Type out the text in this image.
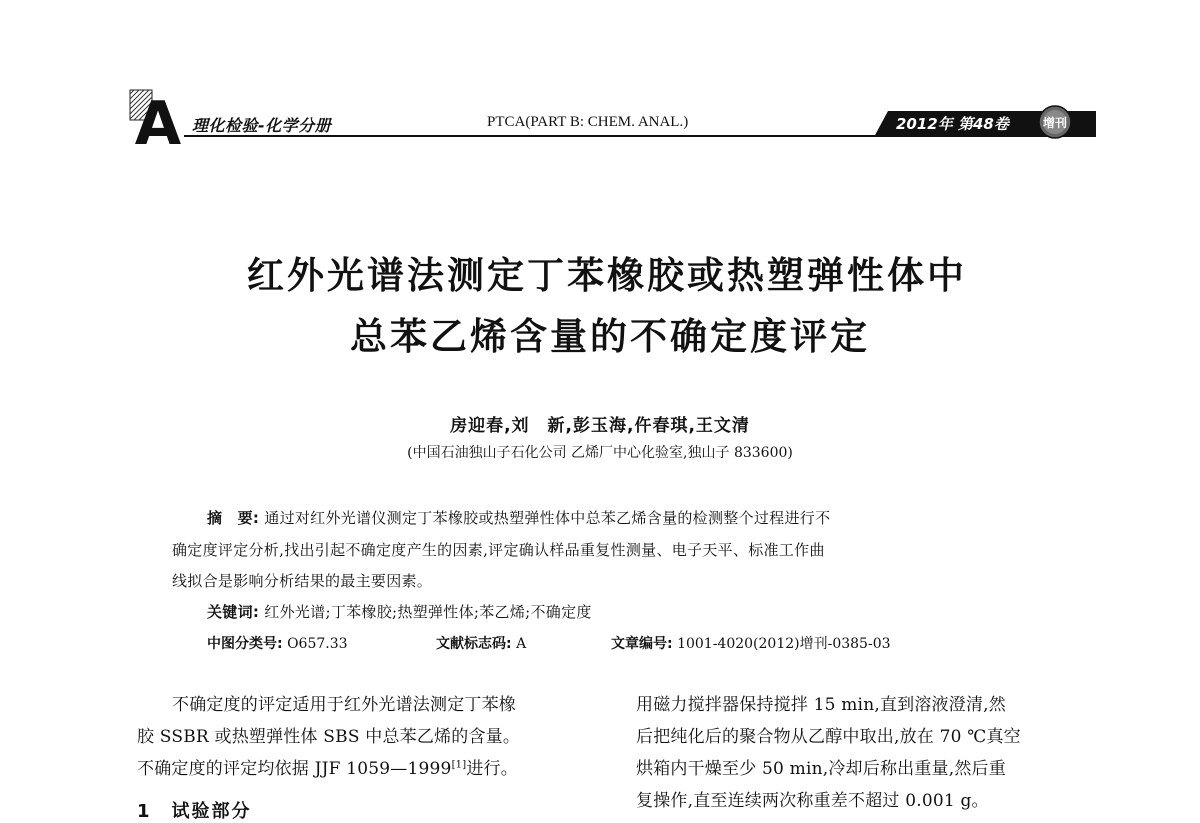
A 理化检验-化学分册	PTCA(PART B: CHEM. ANAL.)	2012年 第48卷	增刊
红外光谱法测定丁苯橡胶或热塑弹性体中
总苯乙烯含量的不确定度评定
房迎春,刘　新,彭玉海,仵春琪,王文清
(中国石油独山子石化公司 乙烯厂中心化验室,独山子 833600)
摘　要: 通过对红外光谱仪测定丁苯橡胶或热塑弹性体中总苯乙烯含量的检测整个过程进行不
确定度评定分析,找出引起不确定度产生的因素,评定确认样品重复性测量、电子天平、标准工作曲
线拟合是影响分析结果的最主要因素。
关键词: 红外光谱;丁苯橡胶;热塑弹性体;苯乙烯;不确定度
中图分类号: O657.33	文献标志码: A	文章编号: 1001-4020(2012)增刊-0385-03
不确定度的评定适用于红外光谱法测定丁苯橡
胶 SSBR 或热塑弹性体 SBS 中总苯乙烯的含量。
不确定度的评定均依据 JJF 1059—1999[1]进行。
1　试验部分
用磁力搅拌器保持搅拌 15 min,直到溶液澄清,然
后把纯化后的聚合物从乙醇中取出,放在 70 ℃真空
烘箱内干燥至少 50 min,冷却后称出重量,然后重
复操作,直至连续两次称重差不超过 0.001 g。
